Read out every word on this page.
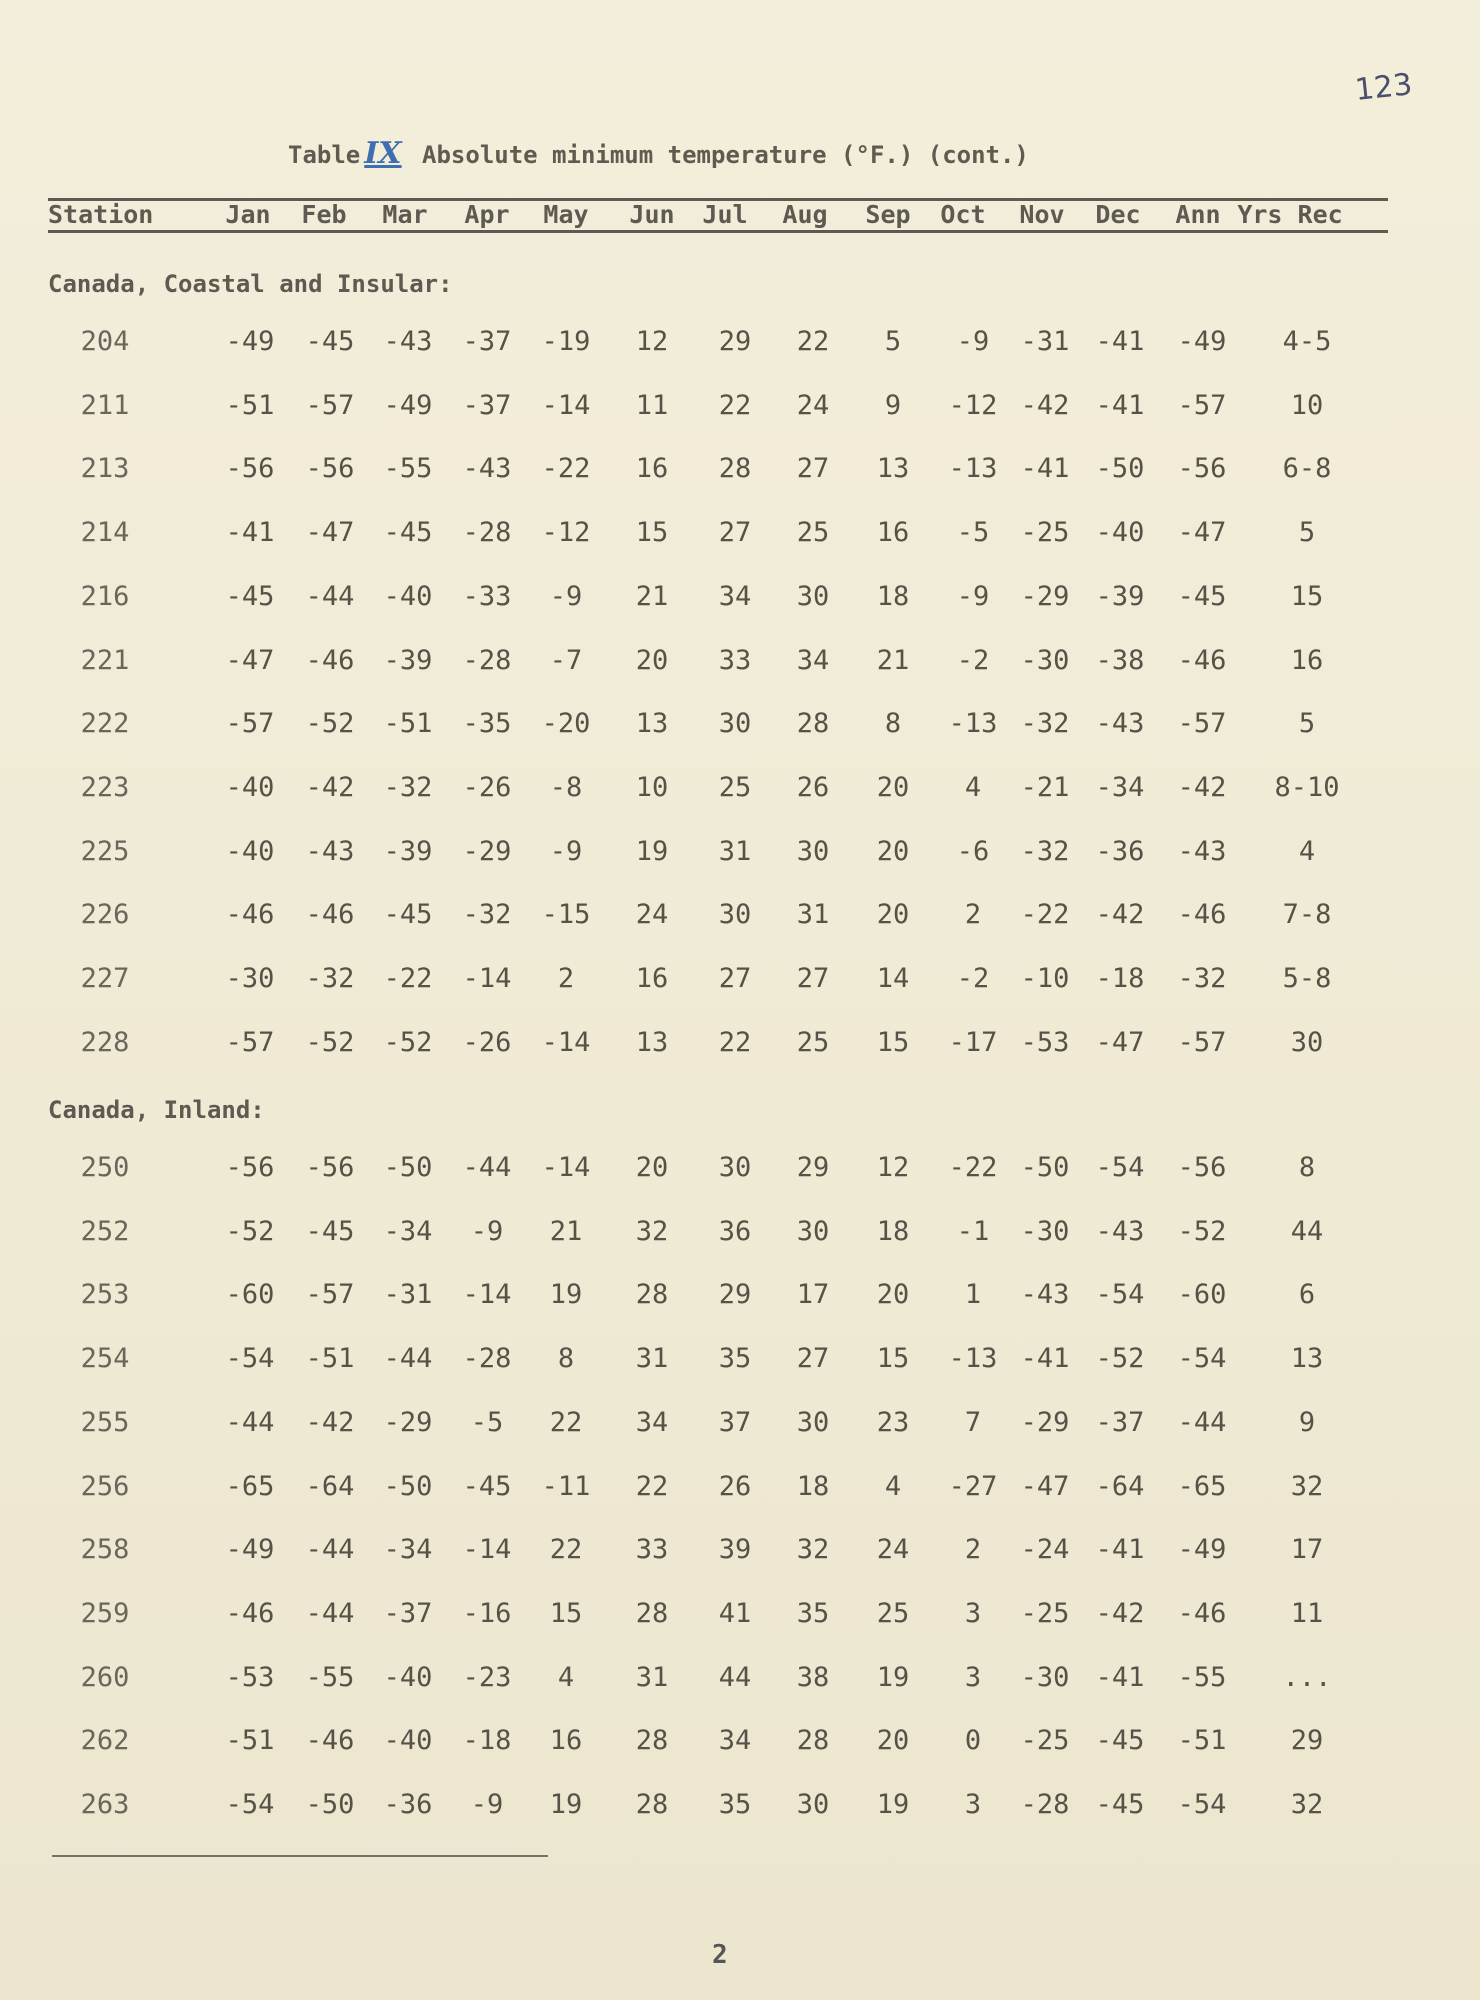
123
Table IX Absolute minimum temperature (°F.) (cont.)
Station	Jan Feb Mar Apr May Jun Jul Aug Sep Oct Nov Dec Ann Yrs Rec
Canada, Coastal and Insular:
204	-49 -45 -43 -37 -19 12 29 22 5 -9 -31 -41 -49 4-5
211	-51 -57 -49 -37 -14 11 22 24 9 -12 -42 -41 -57 10
213	-56 -56 -55 -43 -22 16 28 27 13 -13 -41 -50 -56 6-8
214	-41 -47 -45 -28 -12 15 27 25 16 -5 -25 -40 -47	5
216	-45 -44 -40 -33 -9 21 34 30 18 -9 -29 -39 -45 15
221	-47 -46 -39 -28 -7 20 33 34 21 -2 -30 -38 -46 16
222	-57 -52 -51 -35 -20 13 30 28 8 -13 -32 -43 -57	5
223	-40 -42 -32 -26 -8 10 25 26 20 4 -21 -34 -42 8-10
225	-40 -43 -39 -29 -9 19 31 30 20 -6 -32 -36 -43	4
226	-46 -46 -45 -32 -15 24 30 31 20 2 -22 -42 -46 7-8
227	-30 -32 -22 -14 2 16 27 27 14 -2 -10 -18 -32 5-8
228	-57 -52 -52 -26 -14 13 22 25 15 -17 -53 -47 -57 30
Canada, Inland:
250	-56 -56 -50 -44 -14 20 30 29 12 -22 -50 -54 -56	8
252	-52 -45 -34 -9 21 32 36 30 18 -1 -30 -43 -52 44
253	-60 -57 -31 -14 19 28 29 17 20 1 -43 -54 -60	6
254	-54 -51 -44 -28 8 31 35 27 15 -13 -41 -52 -54 13
255	-44 -42 -29 -5 22 34 37 30 23 7 -29 -37 -44	9
256	-65 -64 -50 -45 -11 22 26 18 4 -27 -47 -64 -65 32
258	-49 -44 -34 -14 22 33 39 32 24 2 -24 -41 -49 17
259	-46 -44 -37 -16 15 28 41 35 25 3 -25 -42 -46 11
260	-53 -55 -40 -23 4 31 44 38 19 3 -30 -41 -55 ...
262	-51 -46 -40 -18 16 28 34 28 20 0 -25 -45 -51 29
263	-54 -50 -36 -9 19 28 35 30 19 3 -28 -45 -54 32
2
